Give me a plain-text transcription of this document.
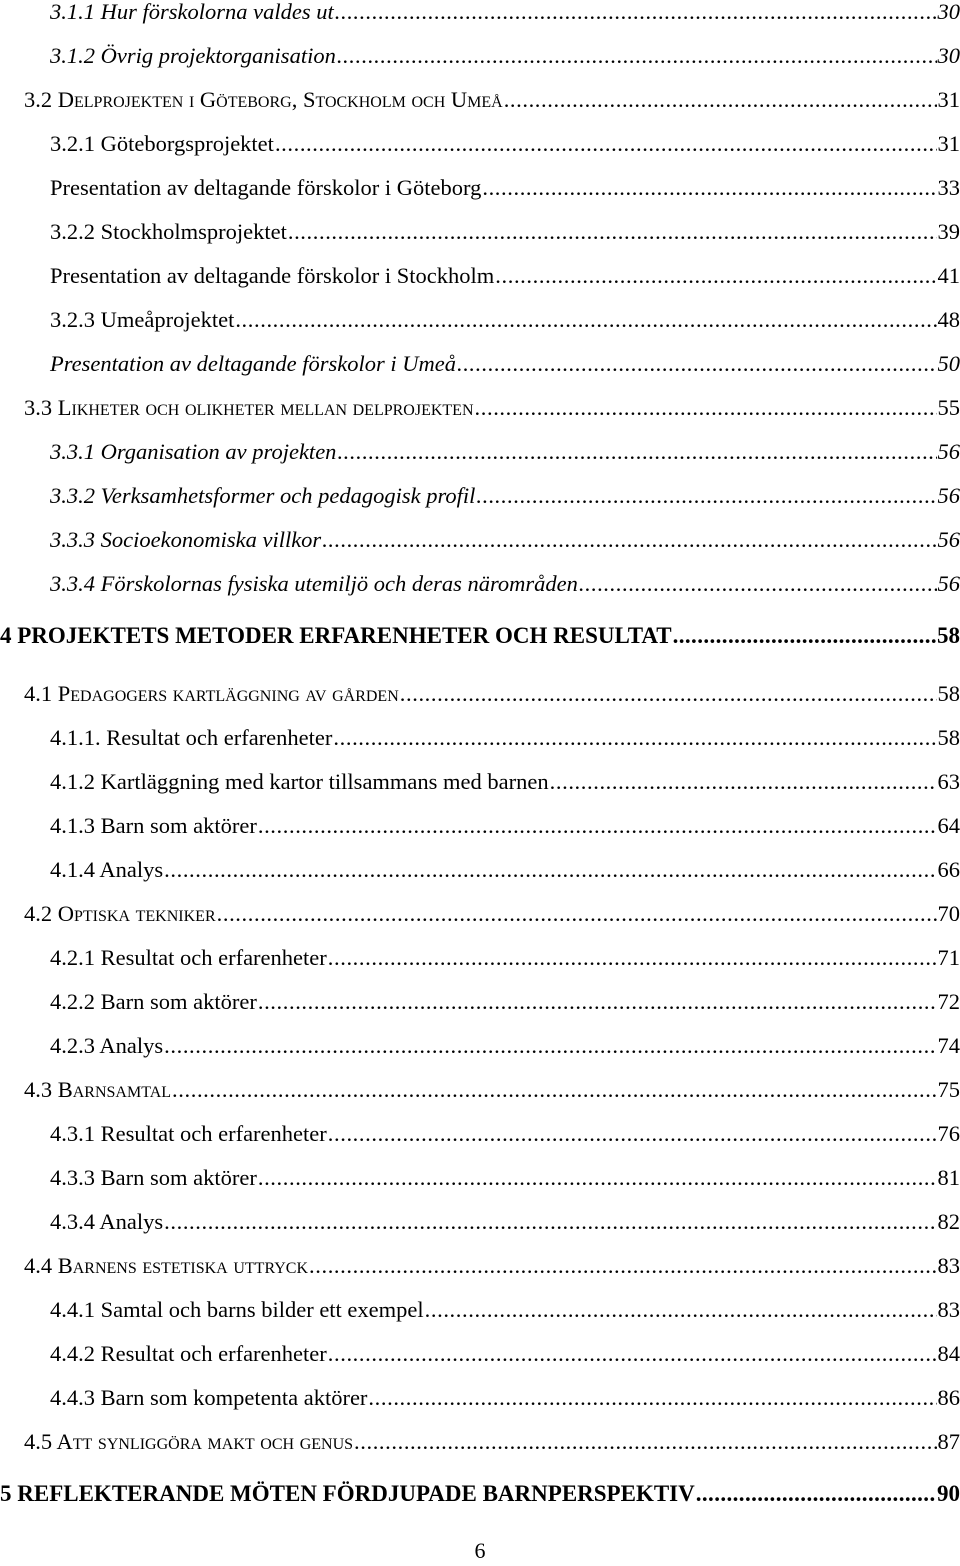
3.1.1 Hur förskolorna valdes ut .....	30
3.1.2 Övrig projektorganisation .....	30
3.2 Delprojekten i Göteborg, Stockholm och Umeå .....	31
3.2.1 Göteborgsprojektet .....	31
Presentation av deltagande förskolor i Göteborg .....	33
3.2.2 Stockholmsprojektet .....	39
Presentation av deltagande förskolor i Stockholm .....	41
3.2.3 Umeåprojektet .....	48
Presentation av deltagande förskolor i Umeå .....	50
3.3 Likheter och olikheter mellan delprojekten .....	55
3.3.1 Organisation av projekten .....	56
3.3.2 Verksamhetsformer och pedagogisk profil .....	56
3.3.3 Socioekonomiska villkor .....	56
3.3.4 Förskolornas fysiska utemiljö och deras närområden .....	56
4 PROJEKTETS METODER ERFARENHETER OCH RESULTAT .....	58
4.1 Pedagogers kartläggning av gården .....	58
4.1.1. Resultat och erfarenheter .....	58
4.1.2 Kartläggning med kartor tillsammans med barnen .....	63
4.1.3 Barn som aktörer .....	64
4.1.4 Analys .....	66
4.2 Optiska tekniker .....	70
4.2.1 Resultat och erfarenheter .....	71
4.2.2 Barn som aktörer .....	72
4.2.3 Analys .....	74
4.3 Barnsamtal .....	75
4.3.1 Resultat och erfarenheter .....	76
4.3.3 Barn som aktörer .....	81
4.3.4 Analys .....	82
4.4 Barnens estetiska uttryck .....	83
4.4.1 Samtal och barns bilder ett exempel .....	83
4.4.2 Resultat och erfarenheter .....	84
4.4.3 Barn som kompetenta aktörer .....	86
4.5 Att synliggöra makt och genus .....	87
5 REFLEKTERANDE MÖTEN FÖRDJUPADE BARNPERSPEKTIV .....	90
6
